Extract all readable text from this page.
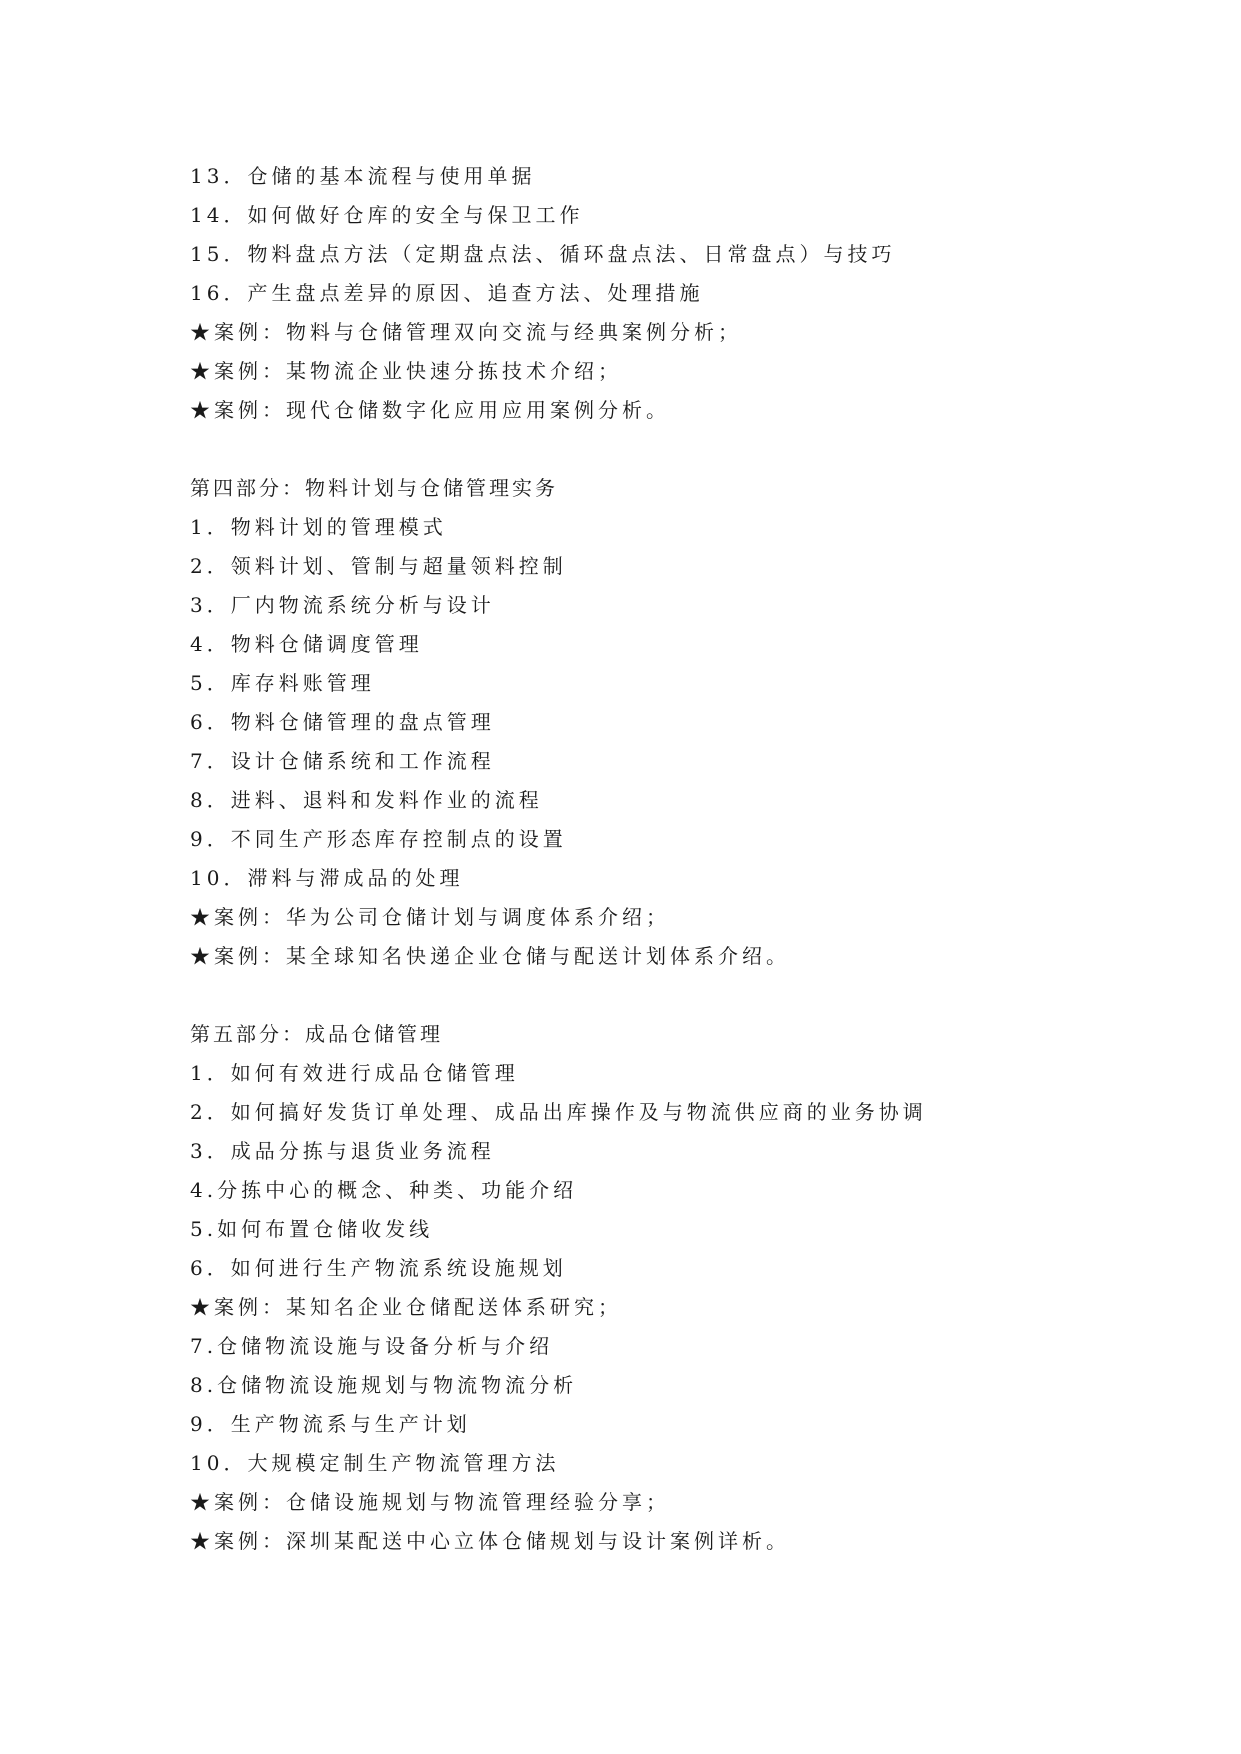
13．仓储的基本流程与使用单据
14．如何做好仓库的安全与保卫工作
15．物料盘点方法（定期盘点法、循环盘点法、日常盘点）与技巧
16．产生盘点差异的原因、追查方法、处理措施
★案例：物料与仓储管理双向交流与经典案例分析；
★案例：某物流企业快速分拣技术介绍；
★案例：现代仓储数字化应用应用案例分析。
第四部分：物料计划与仓储管理实务
1．物料计划的管理模式
2．领料计划、管制与超量领料控制
3．厂内物流系统分析与设计
4．物料仓储调度管理
5．库存料账管理
6．物料仓储管理的盘点管理
7．设计仓储系统和工作流程
8．进料、退料和发料作业的流程
9．不同生产形态库存控制点的设置
10．滞料与滞成品的处理
★案例：华为公司仓储计划与调度体系介绍；
★案例：某全球知名快递企业仓储与配送计划体系介绍。
第五部分：成品仓储管理
1．如何有效进行成品仓储管理
2．如何搞好发货订单处理、成品出库操作及与物流供应商的业务协调
3．成品分拣与退货业务流程
4.分拣中心的概念、种类、功能介绍
5.如何布置仓储收发线
6．如何进行生产物流系统设施规划
★案例：某知名企业仓储配送体系研究；
7.仓储物流设施与设备分析与介绍
8.仓储物流设施规划与物流物流分析
9．生产物流系与生产计划
10．大规模定制生产物流管理方法
★案例：仓储设施规划与物流管理经验分享；
★案例：深圳某配送中心立体仓储规划与设计案例详析。
